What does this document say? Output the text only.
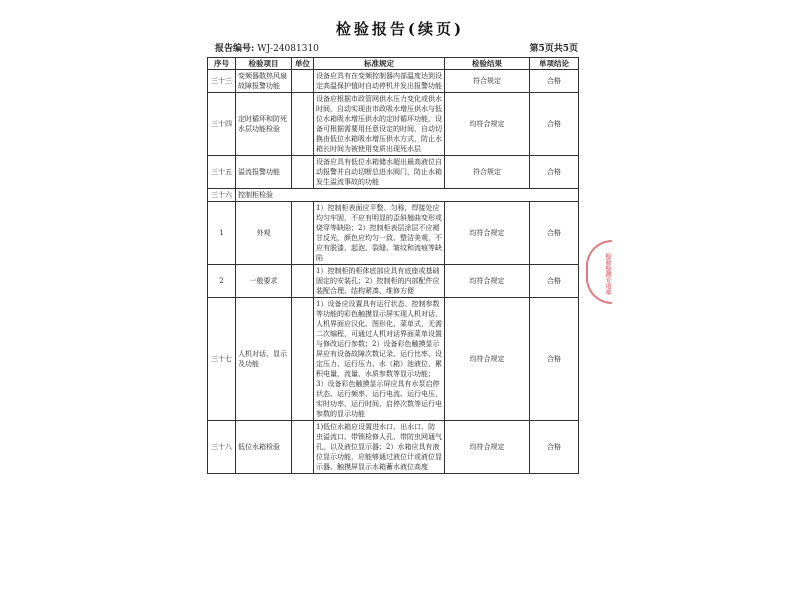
检验报告(续页)
报告编号: WJ-24081310	第5页共5页
序号	检验项目	单位	标准规定	检验结果	单项结论
三十三	变频器散热风扇故障报警功能		设备应具有在变频控制器内部温度达到设定高温保护值时自动停机并发出报警功能	符合规定	合格
三十四	定时循环和防死水层功能检验		设备应根据市政管网供水压力变化或供水时间，自动实现由市政吸水增压供水与低位水箱吸水增压供水的定时循环功能，设备可根据需要用任意设定的时间，自动切换由低位水箱吸水增压供水方式，防止水箱长时间为被使用变质出现死水层	均符合规定	合格
三十五	溢流报警功能		设备应具有低位水箱储水超出最高液位自动报警并自动切断总进水阀门，防止水箱发生溢流事故的功能	符合规定	合格
三十六	控制柜检验				
1	外观		1）控制柜表面应平整、匀称，焊接处应均匀牢固，不应有明显的歪斜翘曲变形或烧穿等缺陷；2）控制柜表层涂层不应褪甘反光，颜色应均匀一致、整洁美观，不应有脱漆、起泡、裂缝、皱纹和流痕等缺陷	均符合规定	合格
2	一般要求		1）控制柜的柜体底部应具有底座或基础固定的安装孔；2）控制柜的内部配件应装配合理、结构紧凑、维修方便	均符合规定	合格
三十七	人机对话、显示及功能		1）设备应设置具有运行状态、控制参数等功能的彩色触摸显示屏实现人机对话，人机界面应汉化、图形化、菜单式，无需二次编程，可通过人机对话界面菜单设置与修改运行参数；2）设备彩色触摸显示屏应有设备故障次数记录、运行比率、设定压力、运行压力、水（箱）池液位、累积电量、流量、水质参数等显示功能；3）设备彩色触摸显示屏应具有水泵启停状态、运行频率、运行电流、运行电压、实时功率、运行时间、启停次数等运行电参数的显示功能	均符合规定	合格
三十八	低位水箱检验		1)低位水箱应设置进水口、出水口、防虫溢流口、带锁检修人孔、带防虫网通气孔，以及液位显示器；2）水箱应具有液位显示功能，应能够通过液位计或液位显示器、触摸屏显示水箱蓄水液位高度	均符合规定	合格
检验检测专用章
